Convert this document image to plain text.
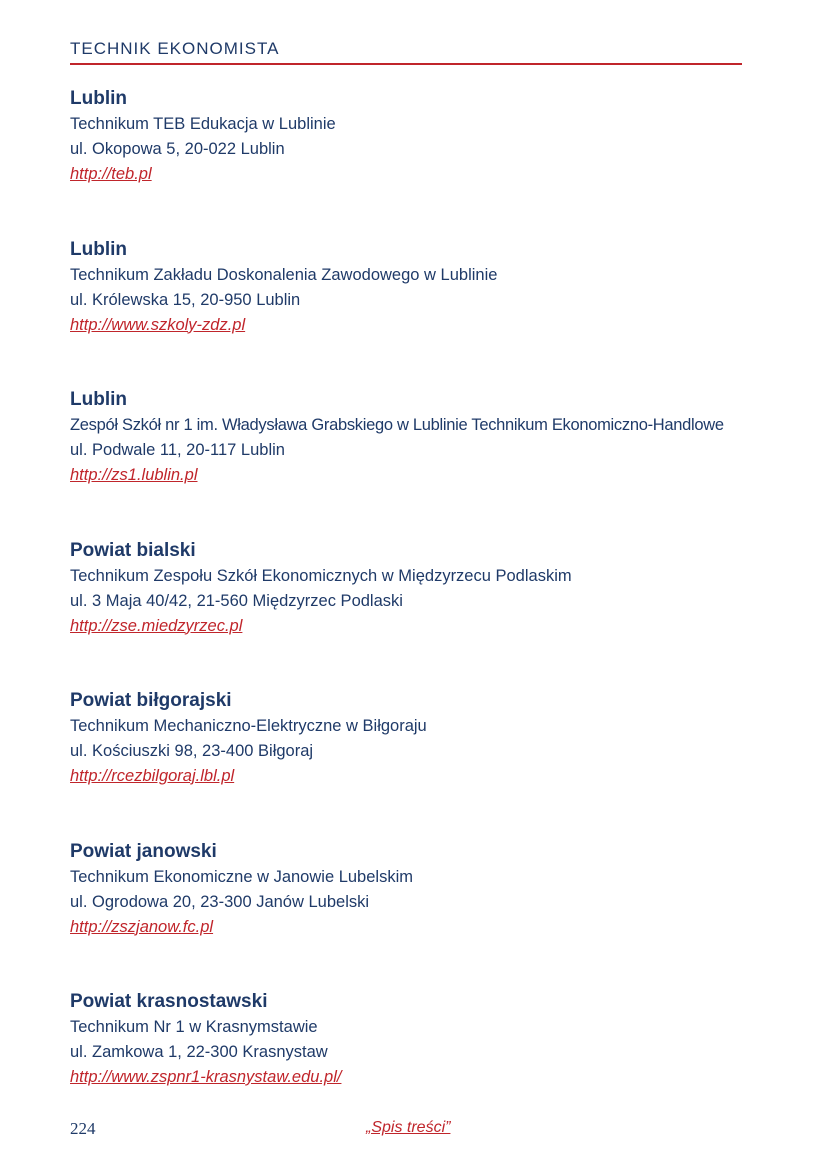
TECHNIK EKONOMISTA
Lublin
Technikum TEB Edukacja w Lublinie
ul. Okopowa 5, 20-022 Lublin
http://teb.pl
Lublin
Technikum Zakładu Doskonalenia Zawodowego w Lublinie
ul. Królewska 15, 20-950 Lublin
http://www.szkoly-zdz.pl
Lublin
Zespół Szkół nr 1 im. Władysława Grabskiego w Lublinie Technikum Ekonomiczno-Handlowe
ul. Podwale 11, 20-117 Lublin
http://zs1.lublin.pl
Powiat bialski
Technikum Zespołu Szkół Ekonomicznych w Międzyrzecu Podlaskim
ul. 3 Maja 40/42, 21-560 Międzyrzec Podlaski
http://zse.miedzyrzec.pl
Powiat biłgorajski
Technikum Mechaniczno-Elektryczne w Biłgoraju
ul. Kościuszki 98, 23-400 Biłgoraj
http://rcezbilgoraj.lbl.pl
Powiat janowski
Technikum Ekonomiczne w Janowie Lubelskim
ul. Ogrodowa 20, 23-300 Janów Lubelski
http://zszjanow.fc.pl
Powiat krasnostawski
Technikum Nr 1 w Krasnymstawie
ul. Zamkowa 1, 22-300 Krasnystaw
http://www.zspnr1-krasnystaw.edu.pl/
224	„Spis treści”
